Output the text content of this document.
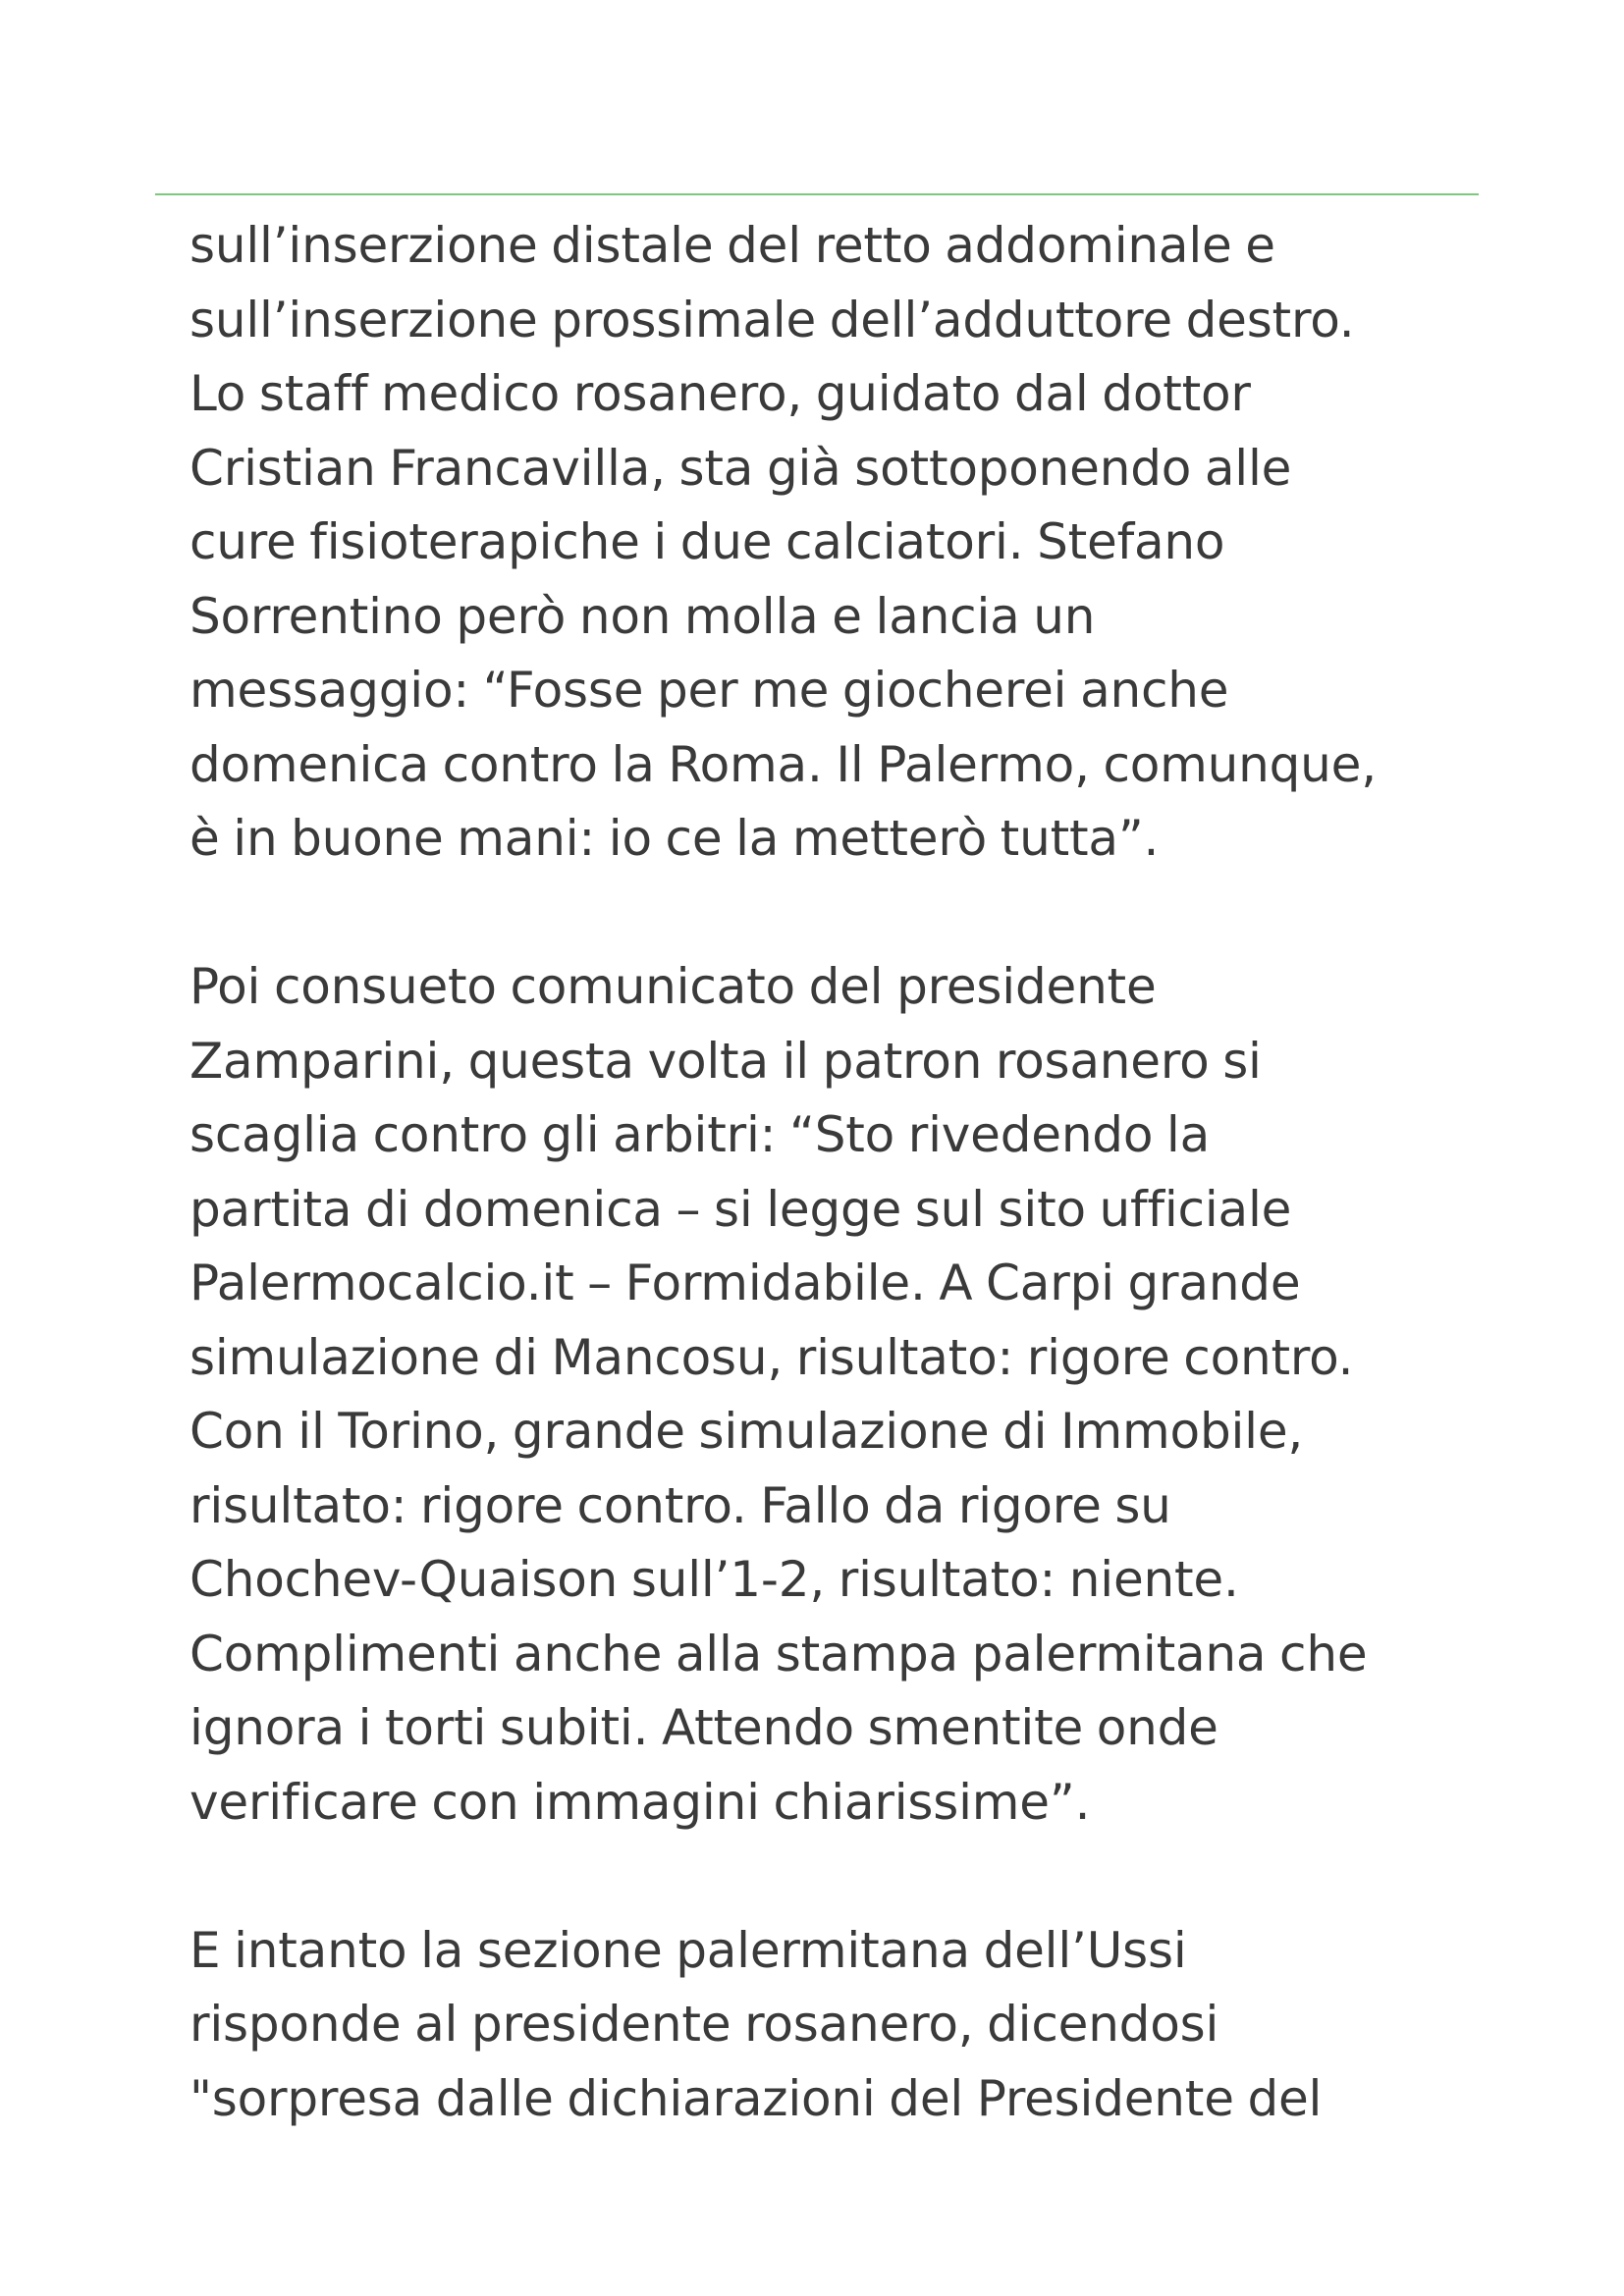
sull’inserzione distale del retto addominale e
sull’inserzione prossimale dell’adduttore destro.
Lo staff medico rosanero, guidato dal dottor
Cristian Francavilla, sta già sottoponendo alle
cure fisioterapiche i due calciatori. Stefano
Sorrentino però non molla e lancia un
messaggio: “Fosse per me giocherei anche
domenica contro la Roma. Il Palermo, comunque,
è in buone mani: io ce la metterò tutta”.

Poi consueto comunicato del presidente
Zamparini, questa volta il patron rosanero si
scaglia contro gli arbitri: “Sto rivedendo la
partita di domenica – si legge sul sito ufficiale
Palermocalcio.it – Formidabile. A Carpi grande
simulazione di Mancosu, risultato: rigore contro.
Con il Torino, grande simulazione di Immobile,
risultato: rigore contro. Fallo da rigore su
Chochev-Quaison sull’1-2, risultato: niente.
Complimenti anche alla stampa palermitana che
ignora i torti subiti. Attendo smentite onde
verificare con immagini chiarissime”.

E intanto la sezione palermitana dell’Ussi
risponde al presidente rosanero, dicendosi
"sorpresa dalle dichiarazioni del Presidente del
